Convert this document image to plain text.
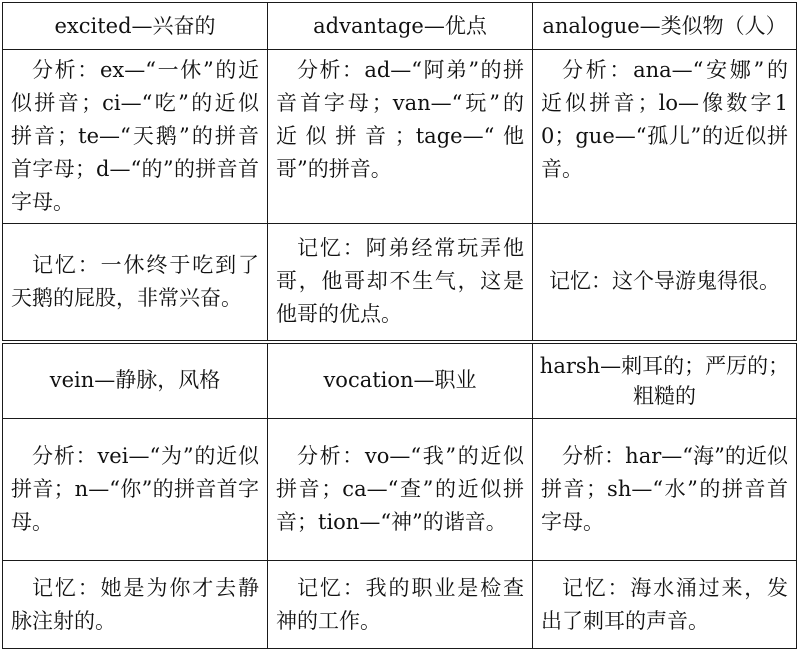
excited—兴奋的	advantage—优点	analogue—类似物（人）
分析：ex—“一休”的近似拼音；ci—“吃”的近似拼音；te—“天鹅”的拼音首字母；d—“的”的拼音首字母。	分析：ad—“阿弟”的拼音首字母；van—“玩”的近似拼音；tage—“他哥”的拼音。	分析：ana—“安娜”的近似拼音；lo—像数字10；gue—“孤儿”的近似拼音。
记忆：一休终于吃到了天鹅的屁股，非常兴奋。	记忆：阿弟经常玩弄他哥，他哥却不生气，这是他哥的优点。	记忆：这个导游鬼得很。
vein—静脉，风格	vocation—职业	harsh—刺耳的；严厉的；粗糙的
分析：vei—“为”的近似拼音；n—“你”的拼音首字母。	分析：vo—“我”的近似拼音；ca—“查”的近似拼音；tion—“神”的谐音。	分析：har—“海”的近似拼音；sh—“水”的拼音首字母。
记忆：她是为你才去静脉注射的。	记忆：我的职业是检查神的工作。	记忆：海水涌过来，发出了刺耳的声音。
